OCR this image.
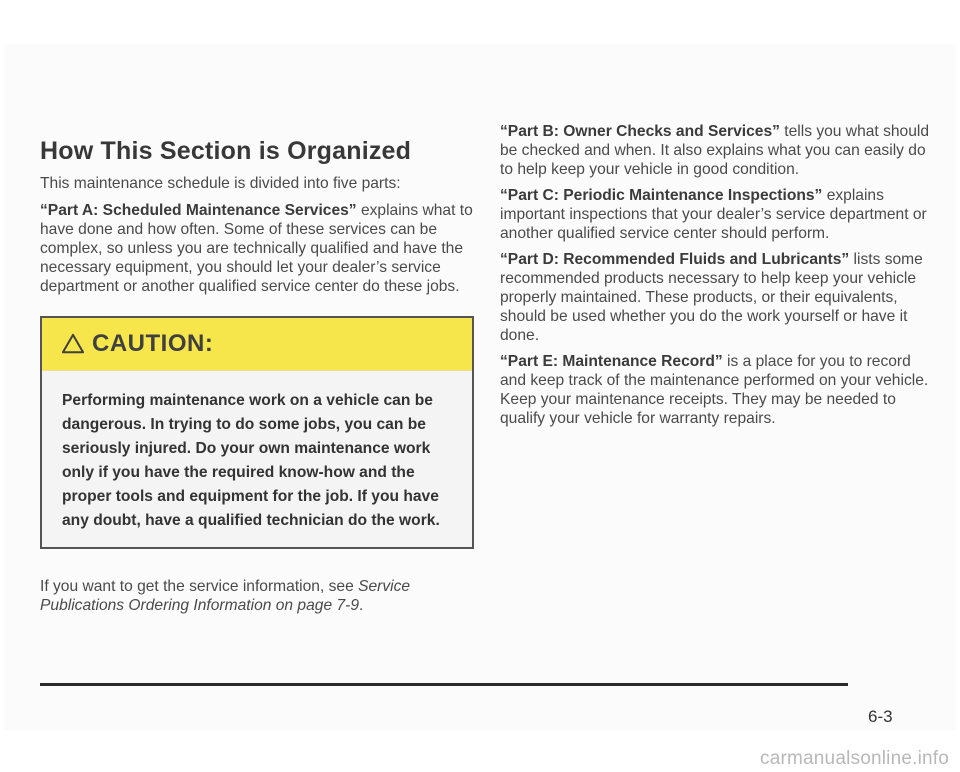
How This Section is Organized

This maintenance schedule is divided into five parts:

“Part A: Scheduled Maintenance Services” explains what to have done and how often. Some of these services can be complex, so unless you are technically qualified and have the necessary equipment, you should let your dealer’s service department or another qualified service center do these jobs.

CAUTION:
Performing maintenance work on a vehicle can be dangerous. In trying to do some jobs, you can be seriously injured. Do your own maintenance work only if you have the required know-how and the proper tools and equipment for the job. If you have any doubt, have a qualified technician do the work.

If you want to get the service information, see Service Publications Ordering Information on page 7-9.

“Part B: Owner Checks and Services” tells you what should be checked and when. It also explains what you can easily do to help keep your vehicle in good condition.

“Part C: Periodic Maintenance Inspections” explains important inspections that your dealer’s service department or another qualified service center should perform.

“Part D: Recommended Fluids and Lubricants” lists some recommended products necessary to help keep your vehicle properly maintained. These products, or their equivalents, should be used whether you do the work yourself or have it done.

“Part E: Maintenance Record” is a place for you to record and keep track of the maintenance performed on your vehicle. Keep your maintenance receipts. They may be needed to qualify your vehicle for warranty repairs.

6-3
carmanualsonline.info
